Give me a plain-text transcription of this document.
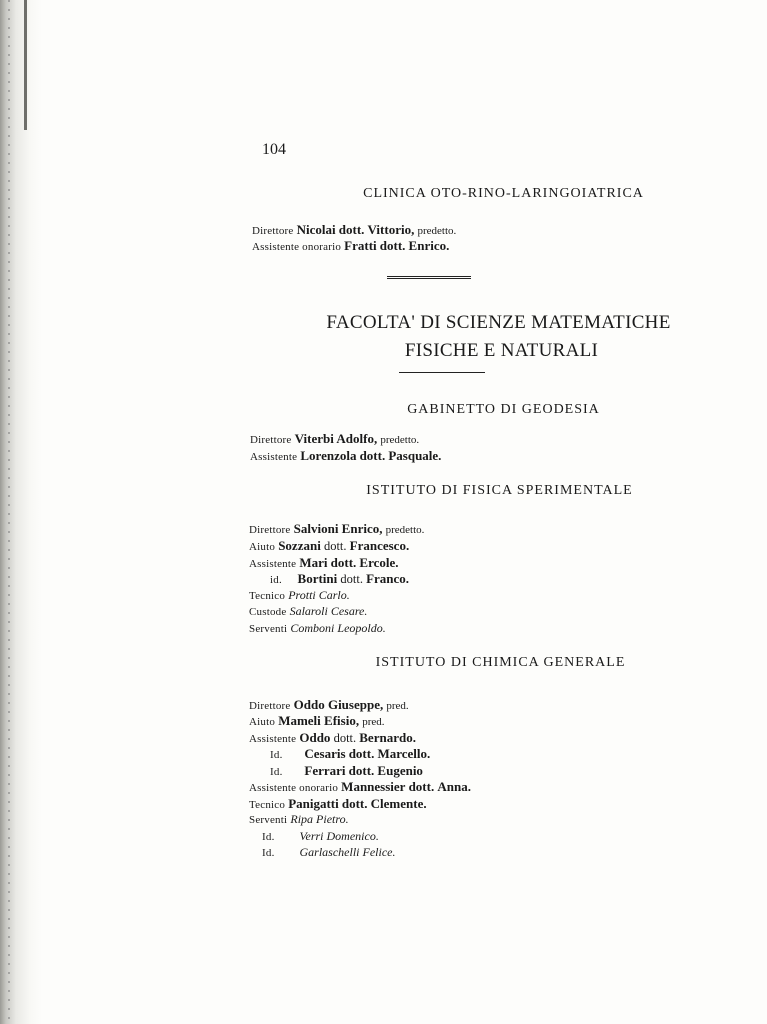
104
CLINICA OTO-RINO-LARINGOIATRICA
Direttore Nicolai dott. Vittorio, predetto.
Assistente onorario Fratti dott. Enrico.
FACOLTA' DI SCIENZE MATEMATICHE
FISICHE E NATURALI
GABINETTO DI GEODESIA
Direttore Viterbi Adolfo, predetto.
Assistente Lorenzola dott. Pasquale.
ISTITUTO DI FISICA SPERIMENTALE
Direttore Salvioni Enrico, predetto.
Aiuto Sozzani dott. Francesco.
Assistente Mari dott. Ercole.
id. Bortini dott. Franco.
Tecnico Protti Carlo.
Custode Salaroli Cesare.
Serventi Comboni Leopoldo.
ISTITUTO DI CHIMICA GENERALE
Direttore Oddo Giuseppe, pred.
Aiuto Mameli Efisio, pred.
Assistente Oddo dott. Bernardo.
Id. Cesaris dott. Marcello.
Id. Ferrari dott. Eugenio
Assistente onorario Mannessier dott. Anna.
Tecnico Panigatti dott. Clemente.
Serventi Ripa Pietro.
Id. Verri Domenico.
Id. Garlaschelli Felice.
